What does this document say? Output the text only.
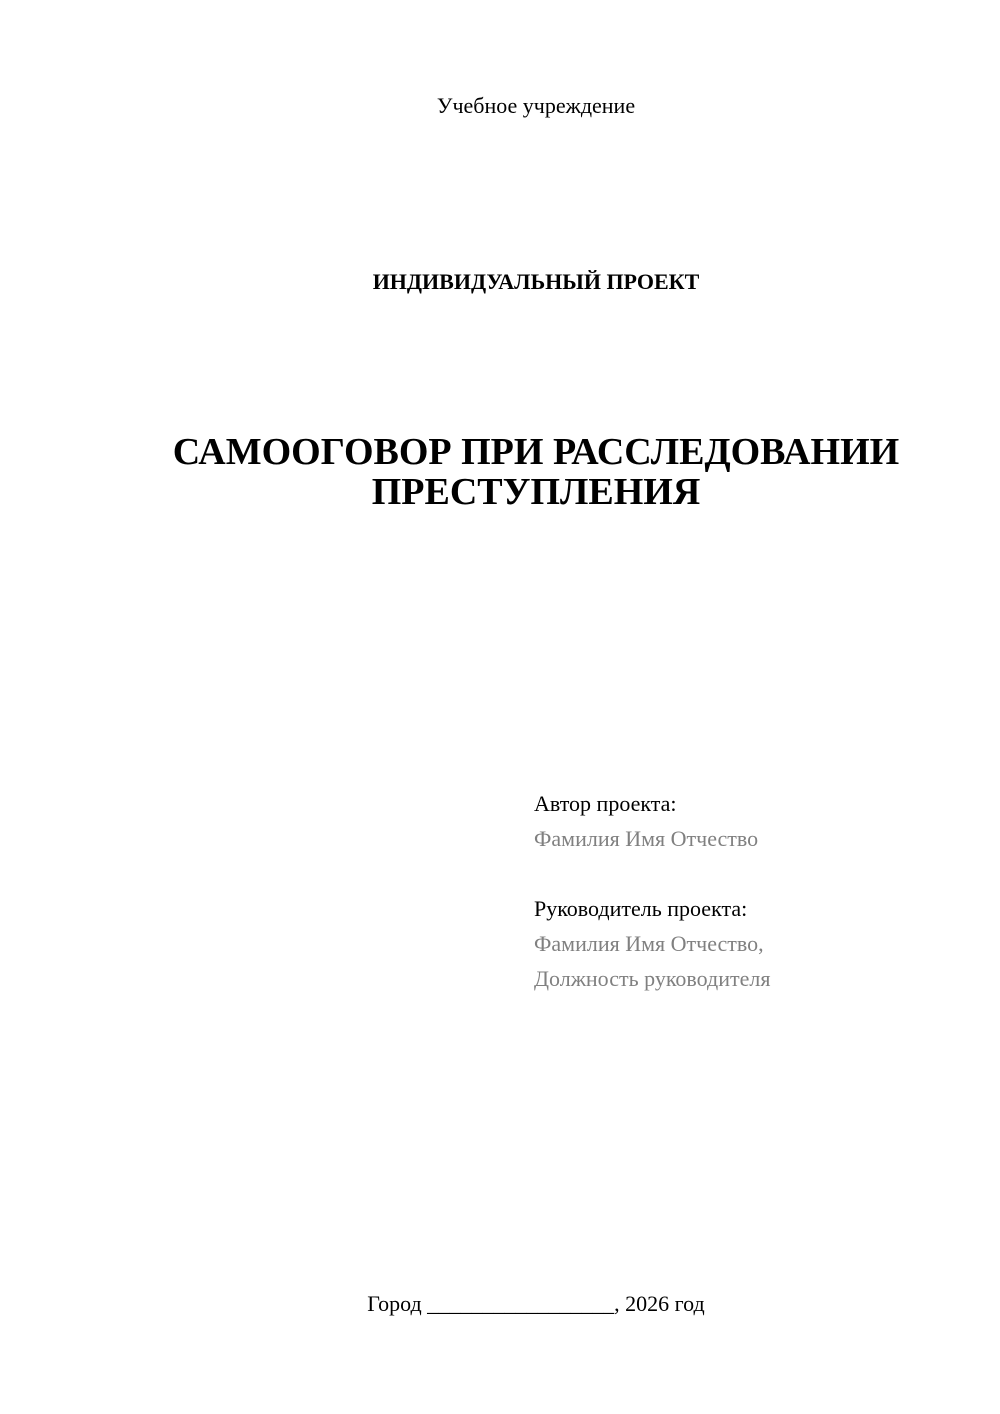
Учебное учреждение
ИНДИВИДУАЛЬНЫЙ ПРОЕКТ
САМООГОВОР ПРИ РАССЛЕДОВАНИИ
ПРЕСТУПЛЕНИЯ
Автор проекта:
Фамилия Имя Отчество
Руководитель проекта:
Фамилия Имя Отчество,
Должность руководителя
Город _________________, 2026 год
